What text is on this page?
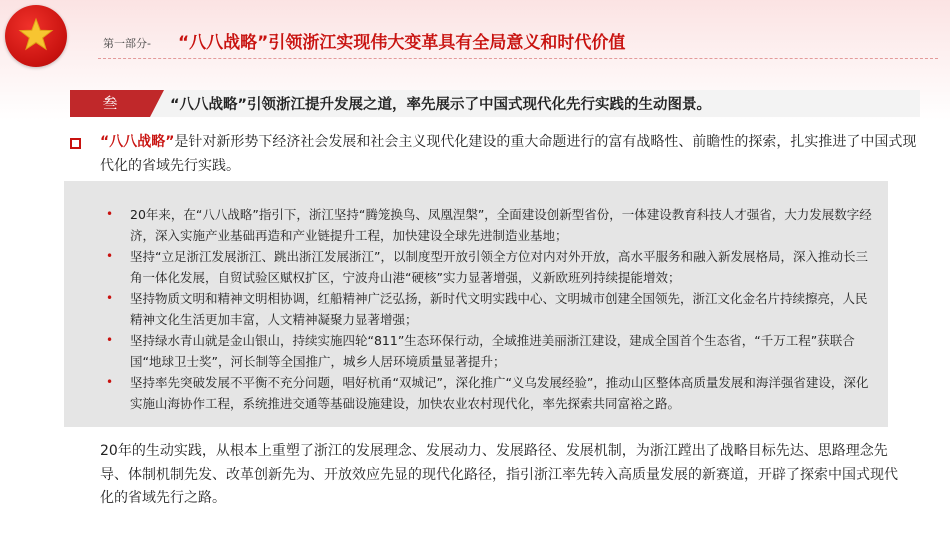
第一部分- “八八战略”引领浙江实现伟大变革具有全局意义和时代价值
叁	“八八战略”引领浙江提升发展之道，率先展示了中国式现代化先行实践的生动图景。
“八八战略”是针对新形势下经济社会发展和社会主义现代化建设的重大命题进行的富有战略性、前瞻性的探索，扎实推进了中国式现代化的省域先行实践。
• 20年来，在“八八战略”指引下，浙江坚持“腾笼换鸟、凤凰涅槃”，全面建设创新型省份，一体建设教育科技人才强省，大力发展数字经济，深入实施产业基础再造和产业链提升工程，加快建设全球先进制造业基地；
• 坚持“立足浙江发展浙江、跳出浙江发展浙江”，以制度型开放引领全方位对内对外开放，高水平服务和融入新发展格局，深入推动长三角一体化发展，自贸试验区赋权扩区，宁波舟山港“硬核”实力显著增强，义新欧班列持续提能增效；
• 坚持物质文明和精神文明相协调，红船精神广泛弘扬，新时代文明实践中心、文明城市创建全国领先，浙江文化金名片持续擦亮，人民精神文化生活更加丰富，人文精神凝聚力显著增强；
• 坚持绿水青山就是金山银山，持续实施四轮“811”生态环保行动，全域推进美丽浙江建设，建成全国首个生态省，“千万工程”获联合国“地球卫士奖”，河长制等全国推广，城乡人居环境质量显著提升；
• 坚持率先突破发展不平衡不充分问题，唱好杭甬“双城记”，深化推广“义乌发展经验”，推动山区整体高质量发展和海洋强省建设，深化实施山海协作工程，系统推进交通等基础设施建设，加快农业农村现代化，率先探索共同富裕之路。
20年的生动实践，从根本上重塑了浙江的发展理念、发展动力、发展路径、发展机制，为浙江蹚出了战略目标先达、思路理念先导、体制机制先发、改革创新先为、开放效应先显的现代化路径，指引浙江率先转入高质量发展的新赛道，开辟了探索中国式现代化的省域先行之路。
